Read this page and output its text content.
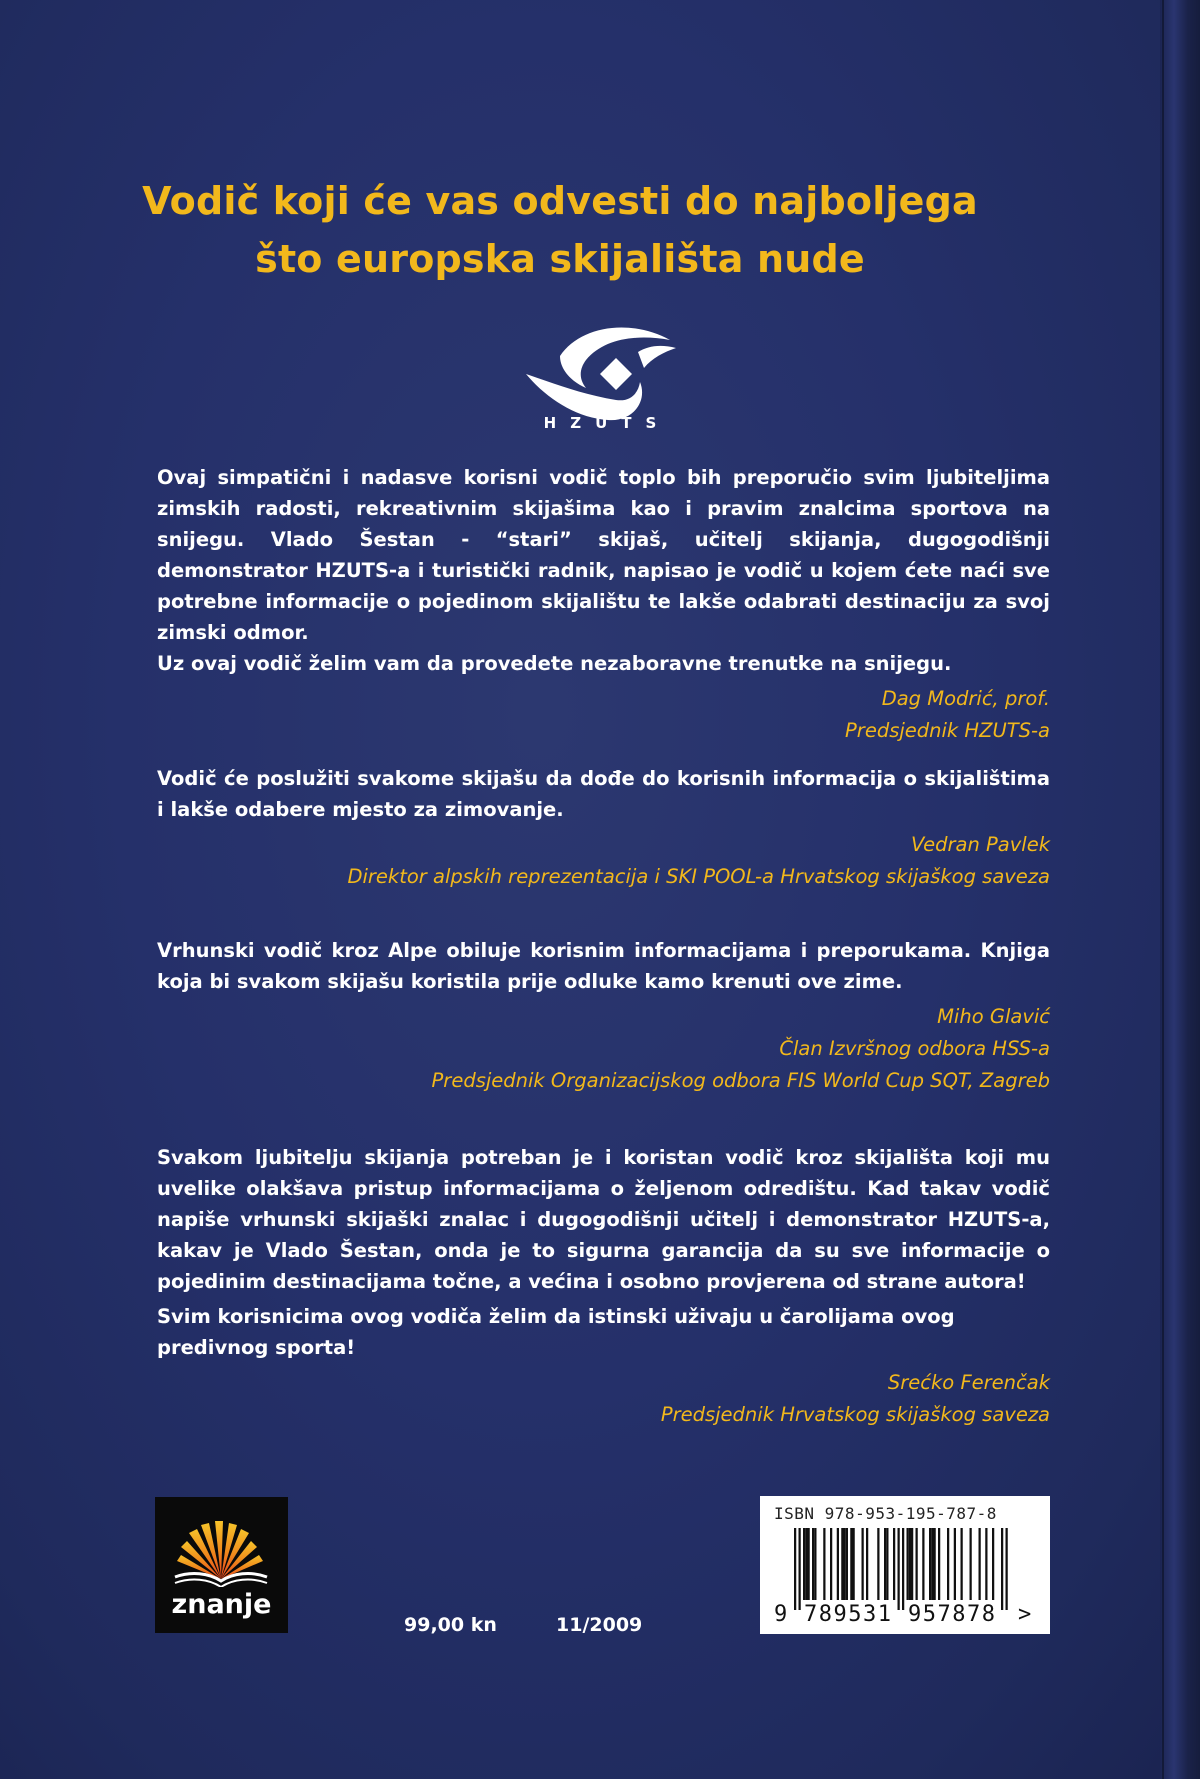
Vodič koji će vas odvesti do najboljega
što europska skijališta nude
HZUTS

Ovaj simpatični i nadasve korisni vodič toplo bih preporučio svim ljubiteljima zimskih radosti, rekreativnim skijašima kao i pravim znalcima sportova na snijegu. Vlado Šestan - “stari” skijaš, učitelj skijanja, dugogodišnji demonstrator HZUTS-a i turistički radnik, napisao je vodič u kojem ćete naći sve potrebne informacije o pojedinom skijalištu te lakše odabrati destinaciju za svoj zimski odmor.

Uz ovaj vodič želim vam da provedete nezaboravne trenutke na snijegu.

Dag Modrić, prof.

Predsjednik HZUTS-a

Vodič će poslužiti svakome skijašu da dođe do korisnih informacija o skijalištima i lakše odabere mjesto za zimovanje.

Vedran Pavlek

Direktor alpskih reprezentacija i SKI POOL-a Hrvatskog skijaškog saveza

Vrhunski vodič kroz Alpe obiluje korisnim informacijama i preporukama. Knjiga koja bi svakom skijašu koristila prije odluke kamo krenuti ove zime.

Miho Glavić

Član Izvršnog odbora HSS-a

Predsjednik Organizacijskog odbora FIS World Cup SQT, Zagreb

Svakom ljubitelju skijanja potreban je i koristan vodič kroz skijališta koji mu uvelike olakšava pristup informacijama o željenom odredištu. Kad takav vodič napiše vrhunski skijaški znalac i dugogodišnji učitelj i demonstrator HZUTS-a, kakav je Vlado Šestan, onda je to sigurna garancija da su sve informacije o pojedinim destinacijama točne, a većina i osobno provjerena od strane autora!

Svim korisnicima ovog vodiča želim da istinski uživaju u čarolijama ovog predivnog sporta!

Srećko Ferenčak

Predsjednik Hrvatskog skijaškog saveza

znanje
99,00 kn	11/2009
ISBN 978-953-195-787-8
9 789531 957878 >
